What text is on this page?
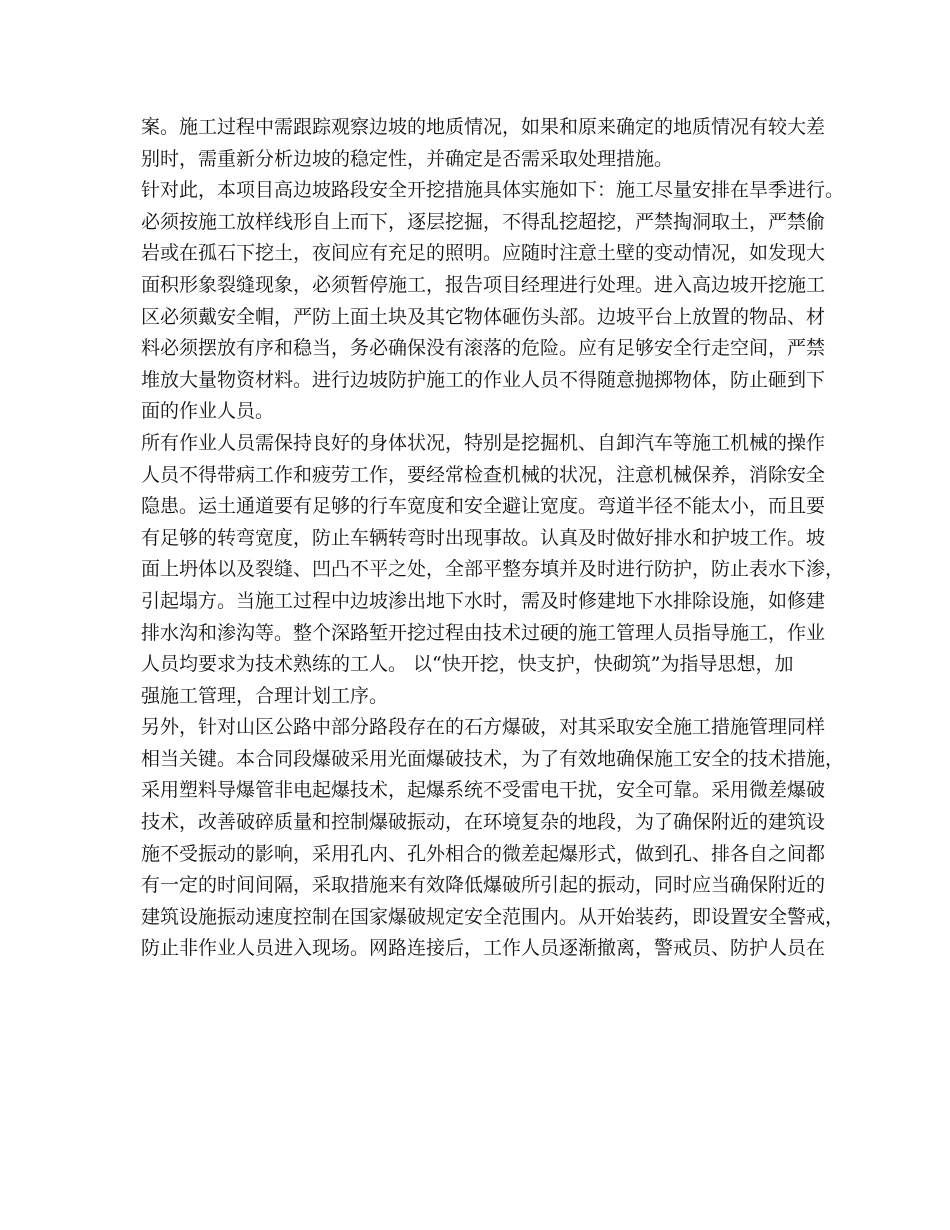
案。施工过程中需跟踪观察边坡的地质情况，如果和原来确定的地质情况有较大差
别时，需重新分析边坡的稳定性，并确定是否需采取处理措施。
针对此，本项目高边坡路段安全开挖措施具体实施如下：施工尽量安排在旱季进行。
必须按施工放样线形自上而下，逐层挖掘，不得乱挖超挖，严禁掏洞取土，严禁偷
岩或在孤石下挖土，夜间应有充足的照明。应随时注意土壁的变动情况，如发现大
面积形象裂缝现象，必须暂停施工，报告项目经理进行处理。进入高边坡开挖施工
区必须戴安全帽，严防上面土块及其它物体砸伤头部。边坡平台上放置的物品、材
料必须摆放有序和稳当，务必确保没有滚落的危险。应有足够安全行走空间，严禁
堆放大量物资材料。进行边坡防护施工的作业人员不得随意抛掷物体，防止砸到下
面的作业人员。
所有作业人员需保持良好的身体状况，特别是挖掘机、自卸汽车等施工机械的操作
人员不得带病工作和疲劳工作，要经常检查机械的状况，注意机械保养，消除安全
隐患。运土通道要有足够的行车宽度和安全避让宽度。弯道半径不能太小，而且要
有足够的转弯宽度，防止车辆转弯时出现事故。认真及时做好排水和护坡工作。坡
面上坍体以及裂缝、凹凸不平之处，全部平整夯填并及时进行防护，防止表水下渗，
引起塌方。当施工过程中边坡渗出地下水时，需及时修建地下水排除设施，如修建
排水沟和渗沟等。整个深路堑开挖过程由技术过硬的施工管理人员指导施工，作业
人员均要求为技术熟练的工人。 以“快开挖，快支护，快砌筑”为指导思想，加
强施工管理，合理计划工序。
另外，针对山区公路中部分路段存在的石方爆破，对其采取安全施工措施管理同样
相当关键。本合同段爆破采用光面爆破技术，为了有效地确保施工安全的技术措施，
采用塑料导爆管非电起爆技术，起爆系统不受雷电干扰，安全可靠。采用微差爆破
技术，改善破碎质量和控制爆破振动，在环境复杂的地段，为了确保附近的建筑设
施不受振动的影响，采用孔内、孔外相合的微差起爆形式，做到孔、排各自之间都
有一定的时间间隔，采取措施来有效降低爆破所引起的振动，同时应当确保附近的
建筑设施振动速度控制在国家爆破规定安全范围内。从开始装药，即设置安全警戒，
防止非作业人员进入现场。网路连接后，工作人员逐渐撤离，警戒员、防护人员在
